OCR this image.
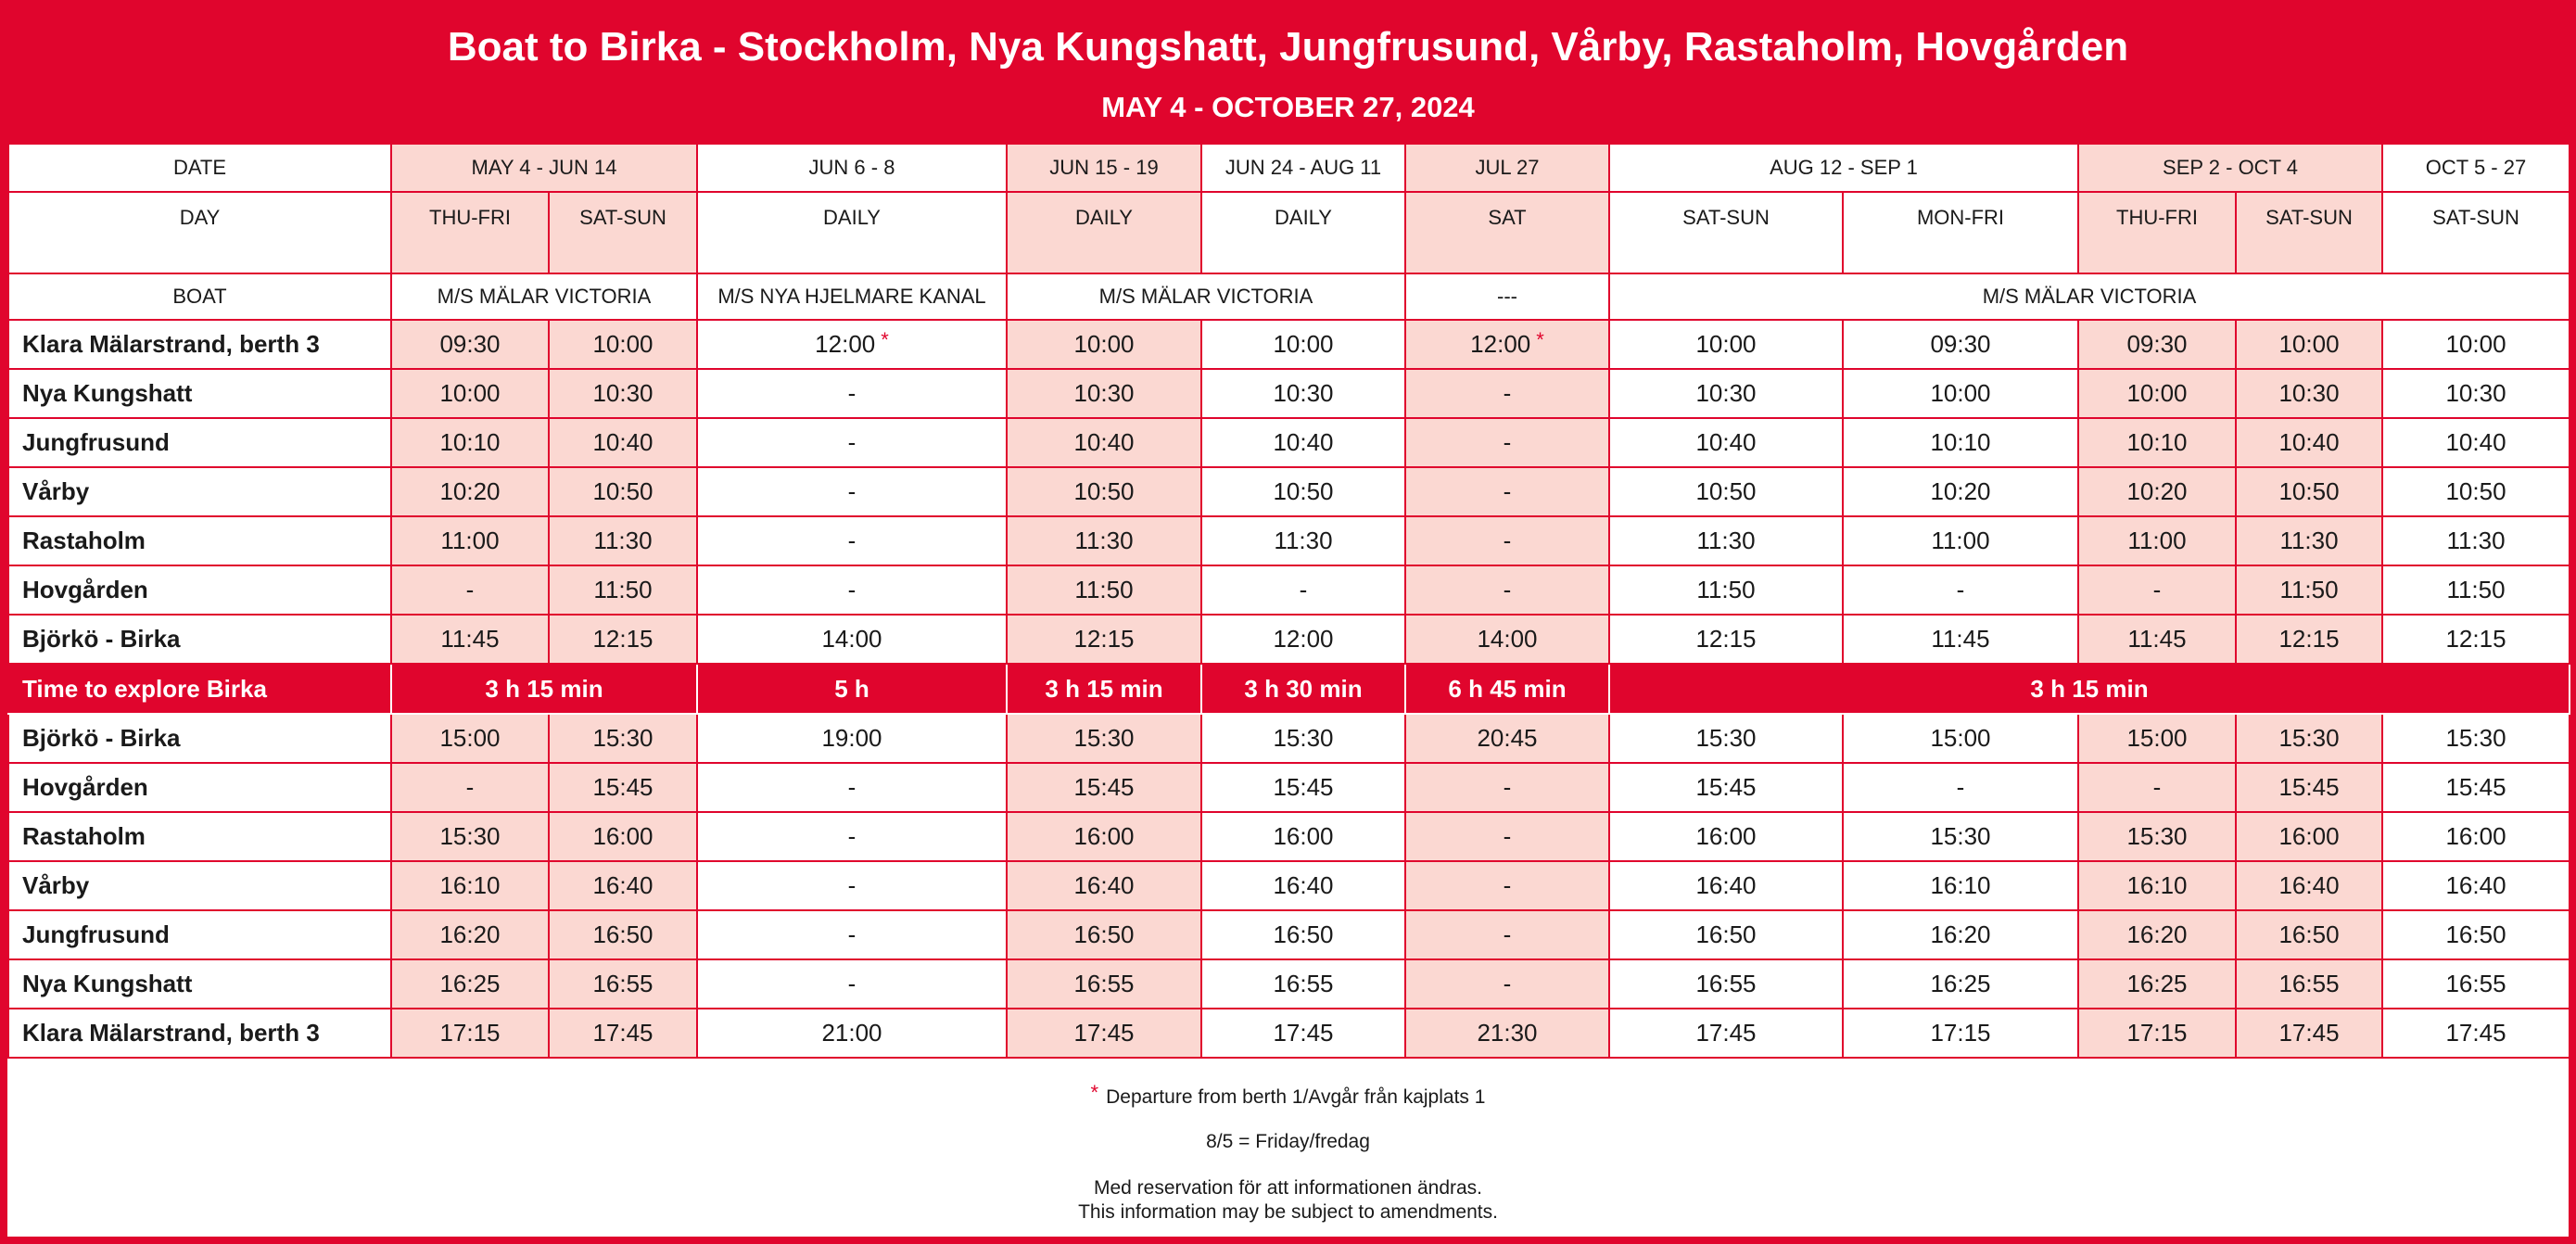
Boat to Birka - Stockholm, Nya Kungshatt, Jungfrusund, Vårby, Rastaholm, Hovgården
MAY 4 - OCTOBER 27, 2024
DATE	MAY 4 - JUN 14		JUN 6 - 8	JUN 15 - 19	JUN 24 - AUG 11	JUL 27	AUG 12 - SEP 1		SEP 2 - OCT 4		OCT 5 - 27
DAY	THU-FRI	SAT-SUN	DAILY	DAILY	DAILY	SAT	SAT-SUN	MON-FRI	THU-FRI	SAT-SUN	SAT-SUN
BOAT	M/S MÄLAR VICTORIA		M/S NYA HJELMARE KANAL	M/S MÄLAR VICTORIA		---	M/S MÄLAR VICTORIA				
Klara Mälarstrand, berth 3	09:30	10:00	12:00 *	10:00	10:00	12:00 *	10:00	09:30	09:30	10:00	10:00
Nya Kungshatt	10:00	10:30	-	10:30	10:30	-	10:30	10:00	10:00	10:30	10:30
Jungfrusund	10:10	10:40	-	10:40	10:40	-	10:40	10:10	10:10	10:40	10:40
Vårby	10:20	10:50	-	10:50	10:50	-	10:50	10:20	10:20	10:50	10:50
Rastaholm	11:00	11:30	-	11:30	11:30	-	11:30	11:00	11:00	11:30	11:30
Hovgården	-	11:50	-	11:50	-	-	11:50	-	-	11:50	11:50
Björkö - Birka	11:45	12:15	14:00	12:15	12:00	14:00	12:15	11:45	11:45	12:15	12:15
Time to explore Birka	3 h 15 min		5 h	3 h 15 min	3 h 30 min	6 h 45 min	3 h 15 min				
Björkö - Birka	15:00	15:30	19:00	15:30	15:30	20:45	15:30	15:00	15:00	15:30	15:30
Hovgården	-	15:45	-	15:45	15:45	-	15:45	-	-	15:45	15:45
Rastaholm	15:30	16:00	-	16:00	16:00	-	16:00	15:30	15:30	16:00	16:00
Vårby	16:10	16:40	-	16:40	16:40	-	16:40	16:10	16:10	16:40	16:40
Jungfrusund	16:20	16:50	-	16:50	16:50	-	16:50	16:20	16:20	16:50	16:50
Nya Kungshatt	16:25	16:55	-	16:55	16:55	-	16:55	16:25	16:25	16:55	16:55
Klara Mälarstrand, berth 3	17:15	17:45	21:00	17:45	17:45	21:30	17:45	17:15	17:15	17:45	17:45
* Departure from berth 1/Avgår från kajplats 1
8/5 = Friday/fredag
Med reservation för att informationen ändras.
This information may be subject to amendments.
